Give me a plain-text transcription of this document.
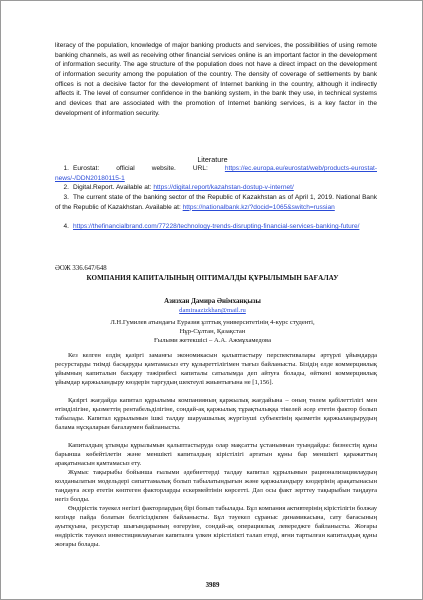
literacy of the population, knowledge of major banking products and services, the possibilities of using remote banking channels, as well as receiving other financial services online is an important factor in the development of information security. The age structure of the population does not have a direct impact on the development of information security among the population of the country. The density of coverage of settlements by bank offices is not a decisive factor for the development of Internet banking in the country, although it indirectly affects it. The level of consumer confidence in the banking system, in the bank they use, in technical systems and devices that are associated with the promotion of Internet banking services, is a key factor in the development of information security.
Literature
1. Eurostat: official website. URL: https://ec.europa.eu/eurostat/web/products-eurostat-news/-/DDN20180115-1
2. Digital.Report. Available at: https://digital.report/kazahstan-dostup-v-internet/
3. The current state of the banking sector of the Republic of Kazakhstan as of April 1, 2019. National Bank of the Republic of Kazakhstan. Available at: https://nationalbank.kz/?docid=1065&switch=russian
4. https://thefinancialbrand.com/77228/technology-trends-disrupting-financial-services-banking-future/
ӘОЖ 336.647/648
КОМПАНИЯ КАПИТАЛЫНЫҢ ОПТИМАЛДЫ ҚҰРЫЛЫМЫН БАҒАЛАУ
Азизхан Дамира Әнімханқызы
damiraazizkhan@mail.ru
Л.Н.Гумилев атындағы Еуразия ұлттық университетінің 4-курс студенті,
Нұр-Сұлтан, Қазақстан
Ғылыми жетекшісі – А.А. Ажмұхамедова
Кез келген елдің қазіргі заманғы экономикасын қалыптастыру перспективалары әртүрлі ұйымдарда ресурстарды тиімді басқаруды қамтамасыз ету құзыреттілігімен тығыз байланысты. Бізідің елде коммерциялық ұйымның капиталын басқару тәжірибесі капиталы сатылымда деп айтуға болады, өйткені коммерциялық ұйымдар қаржыландыру көздерін таргудың шектеулі жиынтығына не [1,156].
Қазіргі жағдайда капитал құрылымы компанияның қаржылық жағдайына – оның төлем қабілеттілігі мен өтімділігіне, қызметтің рентабельділігіне, сондай-ақ қаржылық тұрақтылыққа тікелей әсер ететін фактор болып табылады. Капитал құрылымын ішкі талдау шаруашылық жүргізуші субъектінің қызметін қаржыландырудың балама нұсқаларын бағалаумен байланысты.
Капиталдың ұтымды құрылымын қалыптастыруда олар мақсатты ұстанымнан туындайды: бизнестің құны барынша көбейтілетін және меншікті капиталдың кірістілігі артатын құны бар меншікті қаражаттың арақатынасын қамтамасыз ету.
Жұмыс тақырыбы бойынша ғылыми әдебиеттерді талдау капитал құрылымын рационализациялаудың колданылатын модельдері сипаттамалық болып табылатындығын және қаржыландыру көздерінің арақатынасын таңдауға әсер ететін көптеген факторларды ескермейтінін көрсетті. Дәл осы факт зерттеу тақырыбын таңдауға негіз болды.
Өндірістік тәуекел негізгі факторлардың бірі болып табылады. Бұл компания активтерінің кірістілігін болжау кезінде пайда болатын белгісіздікпен байланысты. Бұл тәуекел сұраныс динамикасына, сату бағасының ауытқуына, ресурстар шығындарының өзгеруіне, сондай-ақ операциялық левереджге байланысты. Жоғары өндірістік тәуекел инвестициялауыған капиталға үлкен кірістілікті талап етеді, яғни тартылған капиталдың құны жоғары болады.
3989
